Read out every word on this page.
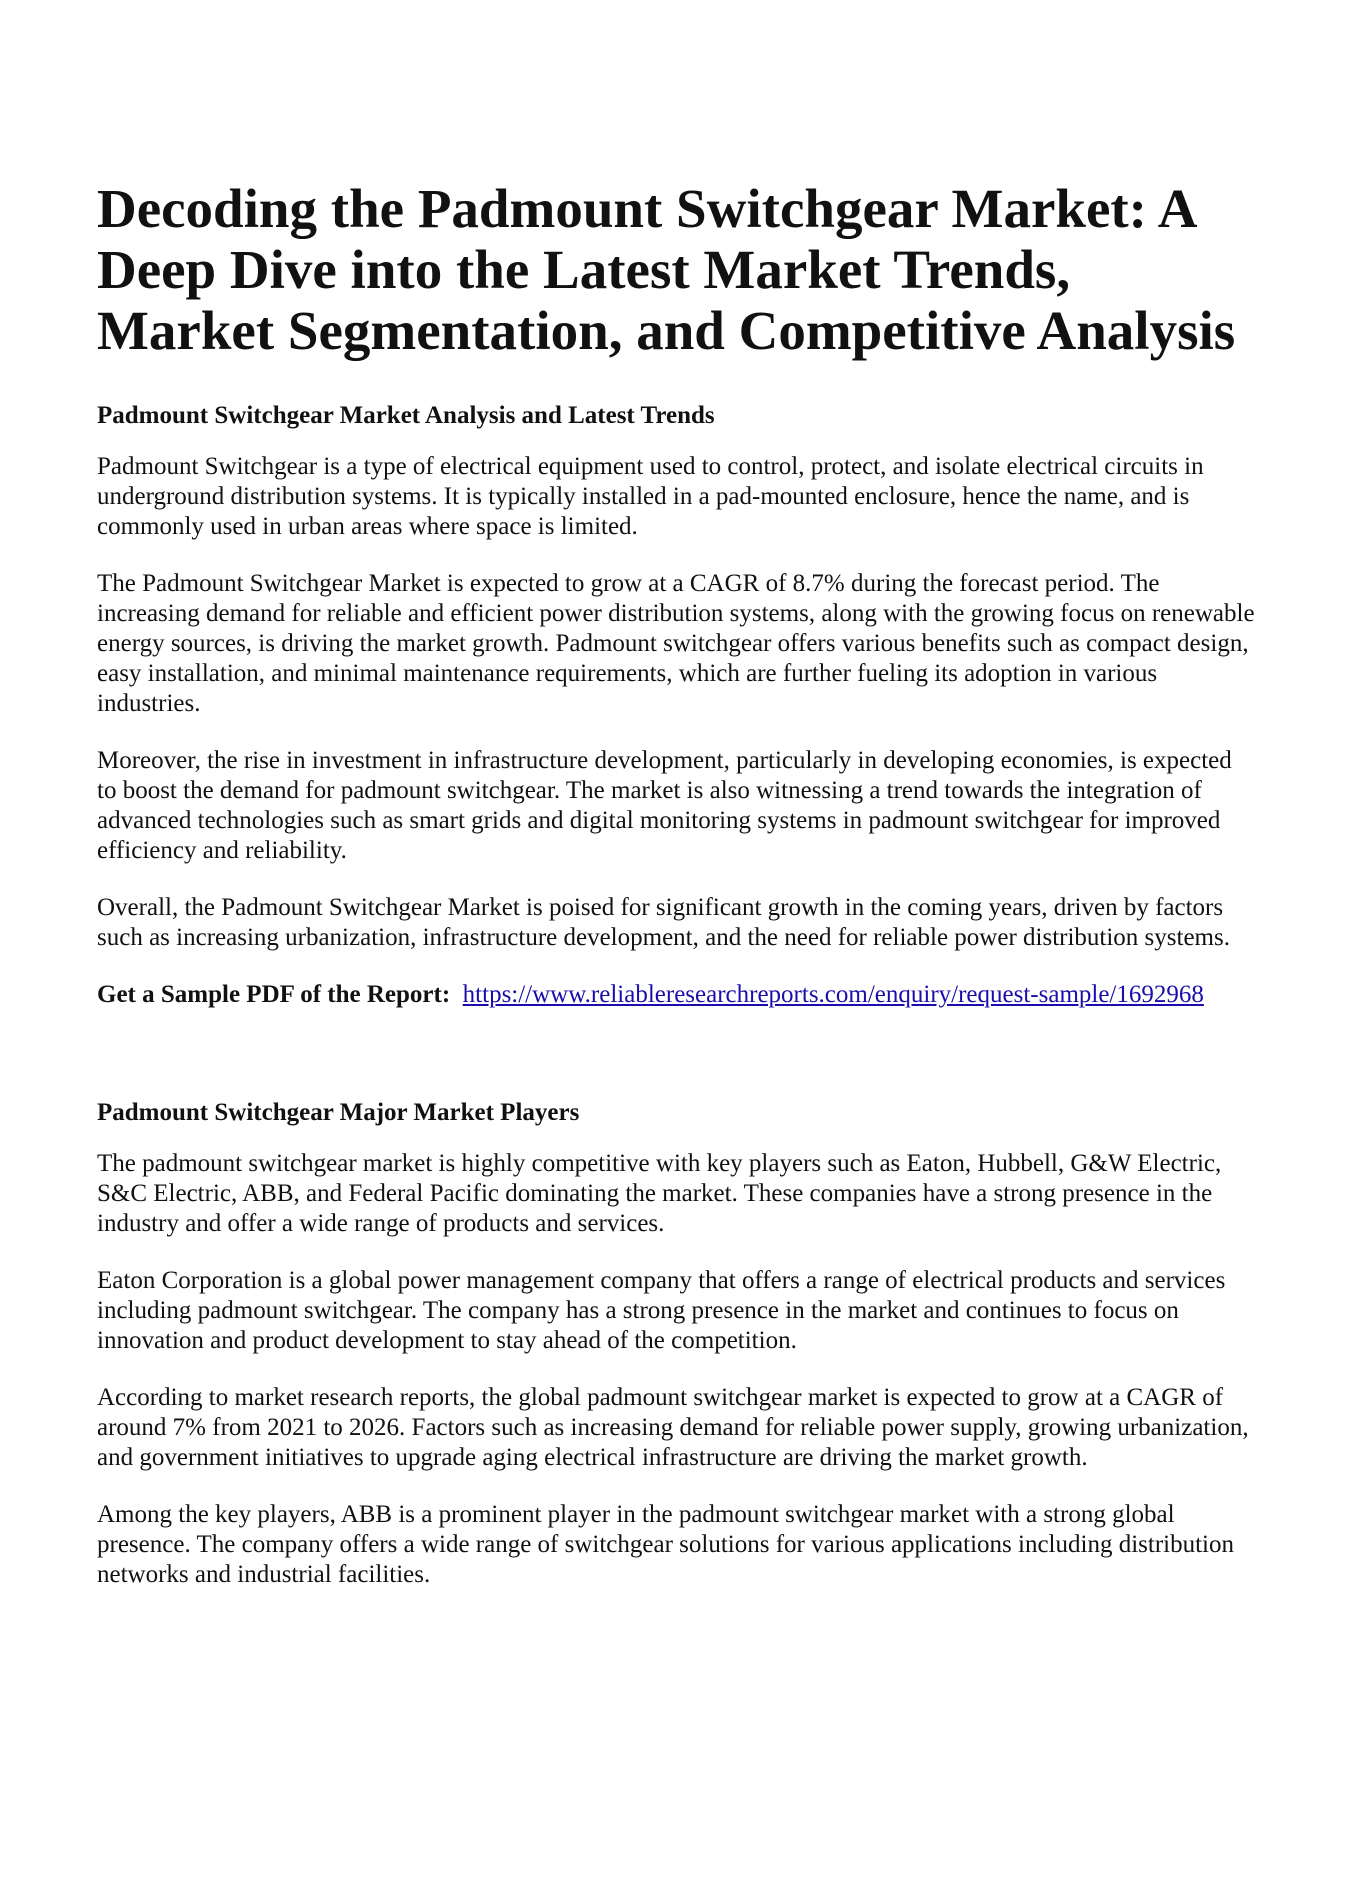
Decoding the Padmount Switchgear Market: A Deep Dive into the Latest Market Trends, Market Segmentation, and Competitive Analysis
Padmount Switchgear Market Analysis and Latest Trends

Padmount Switchgear is a type of electrical equipment used to control, protect, and isolate electrical circuits in underground distribution systems. It is typically installed in a pad-mounted enclosure, hence the name, and is commonly used in urban areas where space is limited.

The Padmount Switchgear Market is expected to grow at a CAGR of 8.7% during the forecast period. The increasing demand for reliable and efficient power distribution systems, along with the growing focus on renewable energy sources, is driving the market growth. Padmount switchgear offers various benefits such as compact design, easy installation, and minimal maintenance requirements, which are further fueling its adoption in various industries.

Moreover, the rise in investment in infrastructure development, particularly in developing economies, is expected to boost the demand for padmount switchgear. The market is also witnessing a trend towards the integration of advanced technologies such as smart grids and digital monitoring systems in padmount switchgear for improved efficiency and reliability.

Overall, the Padmount Switchgear Market is poised for significant growth in the coming years, driven by factors such as increasing urbanization, infrastructure development, and the need for reliable power distribution systems.

Get a Sample PDF of the Report: https://www.reliableresearchreports.com/enquiry/request-sample/1692968

Padmount Switchgear Major Market Players

The padmount switchgear market is highly competitive with key players such as Eaton, Hubbell, G&W Electric, S&C Electric, ABB, and Federal Pacific dominating the market. These companies have a strong presence in the industry and offer a wide range of products and services.

Eaton Corporation is a global power management company that offers a range of electrical products and services including padmount switchgear. The company has a strong presence in the market and continues to focus on innovation and product development to stay ahead of the competition.

According to market research reports, the global padmount switchgear market is expected to grow at a CAGR of around 7% from 2021 to 2026. Factors such as increasing demand for reliable power supply, growing urbanization, and government initiatives to upgrade aging electrical infrastructure are driving the market growth.

Among the key players, ABB is a prominent player in the padmount switchgear market with a strong global presence. The company offers a wide range of switchgear solutions for various applications including distribution networks and industrial facilities.
